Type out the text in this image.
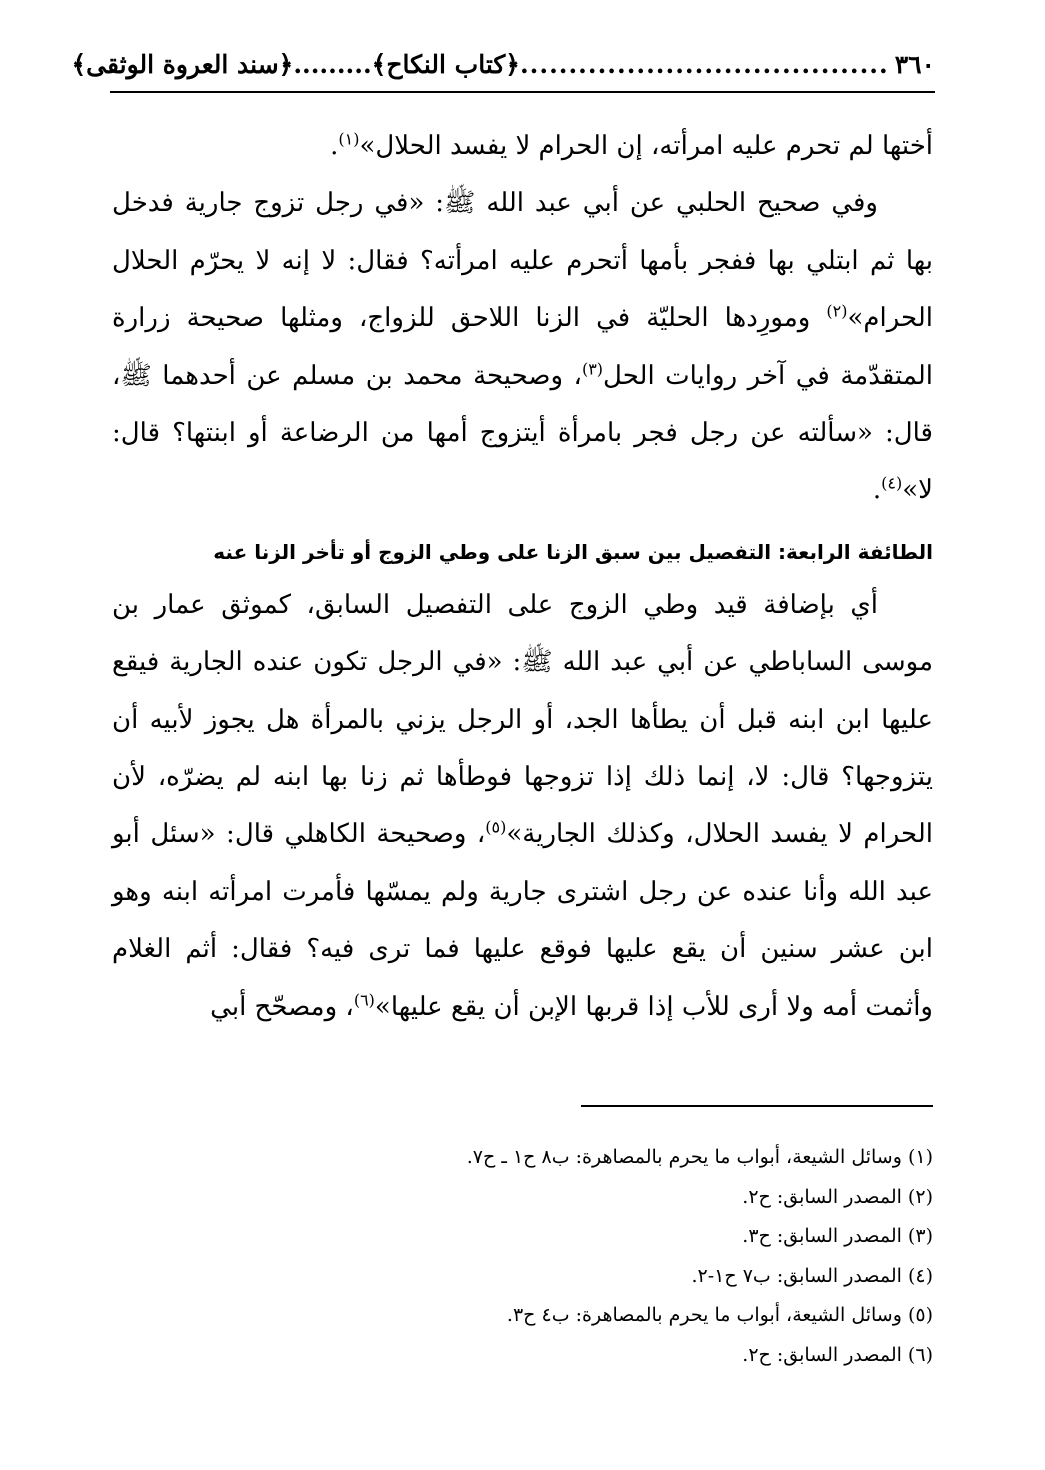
٣٦٠
......................................
﴿
كتاب النكاح
﴾
.........
﴿
سند العروة الوثقى
﴾

أختها لم تحرم عليه امرأته، إن الحرام لا يفسد الحلال»$^{(١)}$.

وفي صحيح الحلبي عن أبي عبد الله ﷺ: «في رجل تزوج جارية فدخل بها ثم ابتلي بها ففجر بأمها أتحرم عليه امرأته؟ فقال: لا إنه لا يحرّم الحلال الحرام»$^{(٢)}$ ومورِدها الحليّة في الزنا اللاحق للزواج، ومثلها صحيحة زرارة المتقدّمة في آخر روايات الحل$^{(٣)}$، وصحيحة محمد بن مسلم عن أحدهما ﷺ، قال: «سألته عن رجل فجر بامرأة أيتزوج أمها من الرضاعة أو ابنتها؟ قال: لا»$^{(٤)}$.

الطائفة الرابعة: التفصيل بين سبق الزنا على وطي الزوج أو تأخر الزنا عنه

أي بإضافة قيد وطي الزوج على التفصيل السابق، كموثق عمار بن موسى الساباطي عن أبي عبد الله ﷺ: «في الرجل تكون عنده الجارية فيقع عليها ابن ابنه قبل أن يطأها الجد، أو الرجل يزني بالمرأة هل يجوز لأبيه أن يتزوجها؟ قال: لا، إنما ذلك إذا تزوجها فوطأها ثم زنا بها ابنه لم يضرّه، لأن الحرام لا يفسد الحلال، وكذلك الجارية»$^{(٥)}$، وصحيحة الكاهلي قال: «سئل أبو عبد الله وأنا عنده عن رجل اشترى جارية ولم يمسّها فأمرت امرأته ابنه وهو ابن عشر سنين أن يقع عليها فوقع عليها فما ترى فيه؟ فقال: أثم الغلام وأثمت أمه ولا أرى للأب إذا قربها الإبن أن يقع عليها»$^{(٦)}$، ومصحّح أبي

(١) وسائل الشيعة، أبواب ما يحرم بالمصاهرة: ب٨ ح١ ـ ح٧.
(٢) المصدر السابق: ح٢.
(٣) المصدر السابق: ح٣.
(٤) المصدر السابق: ب٧ ح١-٢.
(٥) وسائل الشيعة، أبواب ما يحرم بالمصاهرة: ب٤ ح٣.
(٦) المصدر السابق: ح٢.
